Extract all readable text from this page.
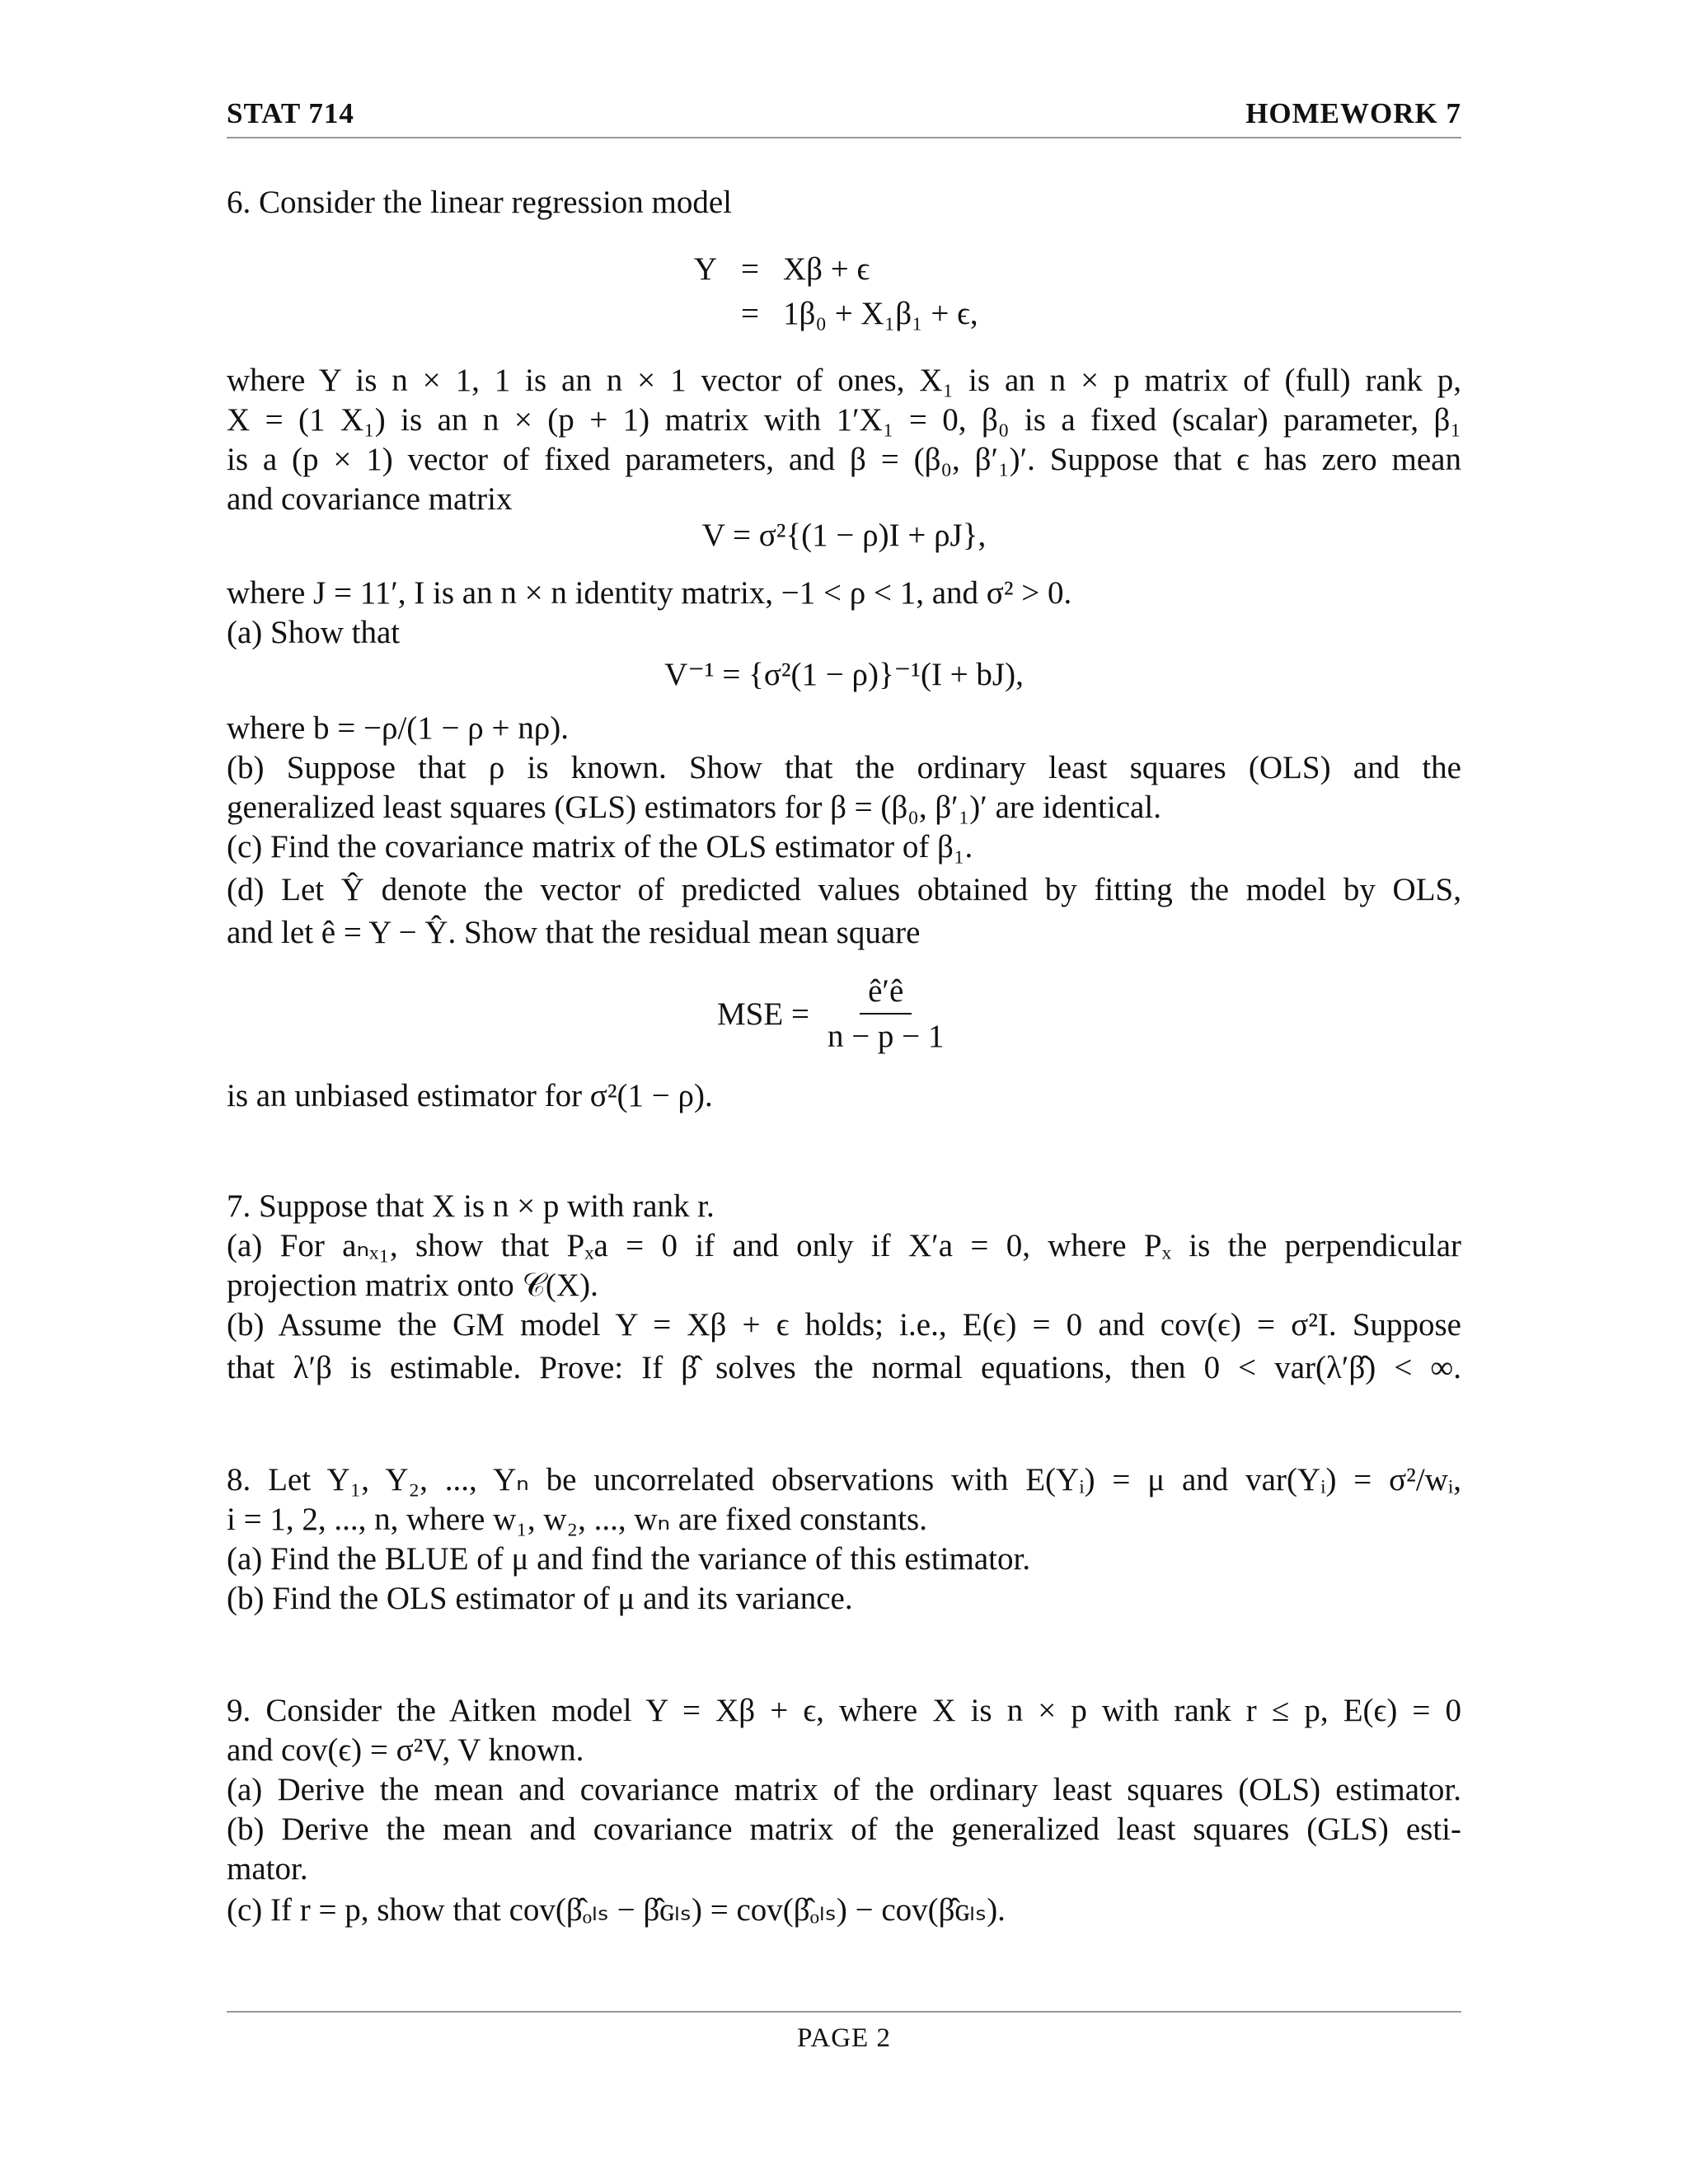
STAT 714	HOMEWORK 7
6. Consider the linear regression model
Y = Xβ + ϵ
= 1β₀ + X₁β₁ + ϵ,
where Y is n × 1, 1 is an n × 1 vector of ones, X₁ is an n × p matrix of (full) rank p,
X = (1 X₁) is an n × (p + 1) matrix with 1′X₁ = 0, β₀ is a fixed (scalar) parameter, β₁
is a (p × 1) vector of fixed parameters, and β = (β₀, β′₁)′. Suppose that ϵ has zero mean
and covariance matrix
V = σ²{(1 − ρ)I + ρJ},
where J = 11′, I is an n × n identity matrix, −1 < ρ < 1, and σ² > 0.
(a) Show that
V⁻¹ = {σ²(1 − ρ)}⁻¹(I + bJ),
where b = −ρ/(1 − ρ + nρ).
(b) Suppose that ρ is known. Show that the ordinary least squares (OLS) and the
generalized least squares (GLS) estimators for β = (β₀, β′₁)′ are identical.
(c) Find the covariance matrix of the OLS estimator of β₁.
(d) Let Ŷ denote the vector of predicted values obtained by fitting the model by OLS,
and let ê = Y − Ŷ. Show that the residual mean square
MSE = $\frac{ê'ê}{n - p - 1}$
is an unbiased estimator for σ²(1 − ρ).
7. Suppose that X is n × p with rank r.
(a) For aₙₓ₁, show that Pₓa = 0 if and only if X′a = 0, where Pₓ is the perpendicular
projection matrix onto 𝒞(X).
(b) Assume the GM model Y = Xβ + ϵ holds; i.e., E(ϵ) = 0 and cov(ϵ) = σ²I. Suppose
that λ′β is estimable. Prove: If β̂ solves the normal equations, then 0 < var(λ′β̂) < ∞.
8. Let Y₁, Y₂, ..., Yₙ be uncorrelated observations with E(Yᵢ) = μ and var(Yᵢ) = σ²/wᵢ,
i = 1, 2, ..., n, where w₁, w₂, ..., wₙ are fixed constants.
(a) Find the BLUE of μ and find the variance of this estimator.
(b) Find the OLS estimator of μ and its variance.
9. Consider the Aitken model Y = Xβ + ϵ, where X is n × p with rank r ≤ p, E(ϵ) = 0
and cov(ϵ) = σ²V, V known.
(a) Derive the mean and covariance matrix of the ordinary least squares (OLS) estimator.
(b) Derive the mean and covariance matrix of the generalized least squares (GLS) esti-
mator.
(c) If r = p, show that cov(β̂ₒₗₛ − β̂ɢₗₛ) = cov(β̂ₒₗₛ) − cov(β̂ɢₗₛ).
PAGE 2
